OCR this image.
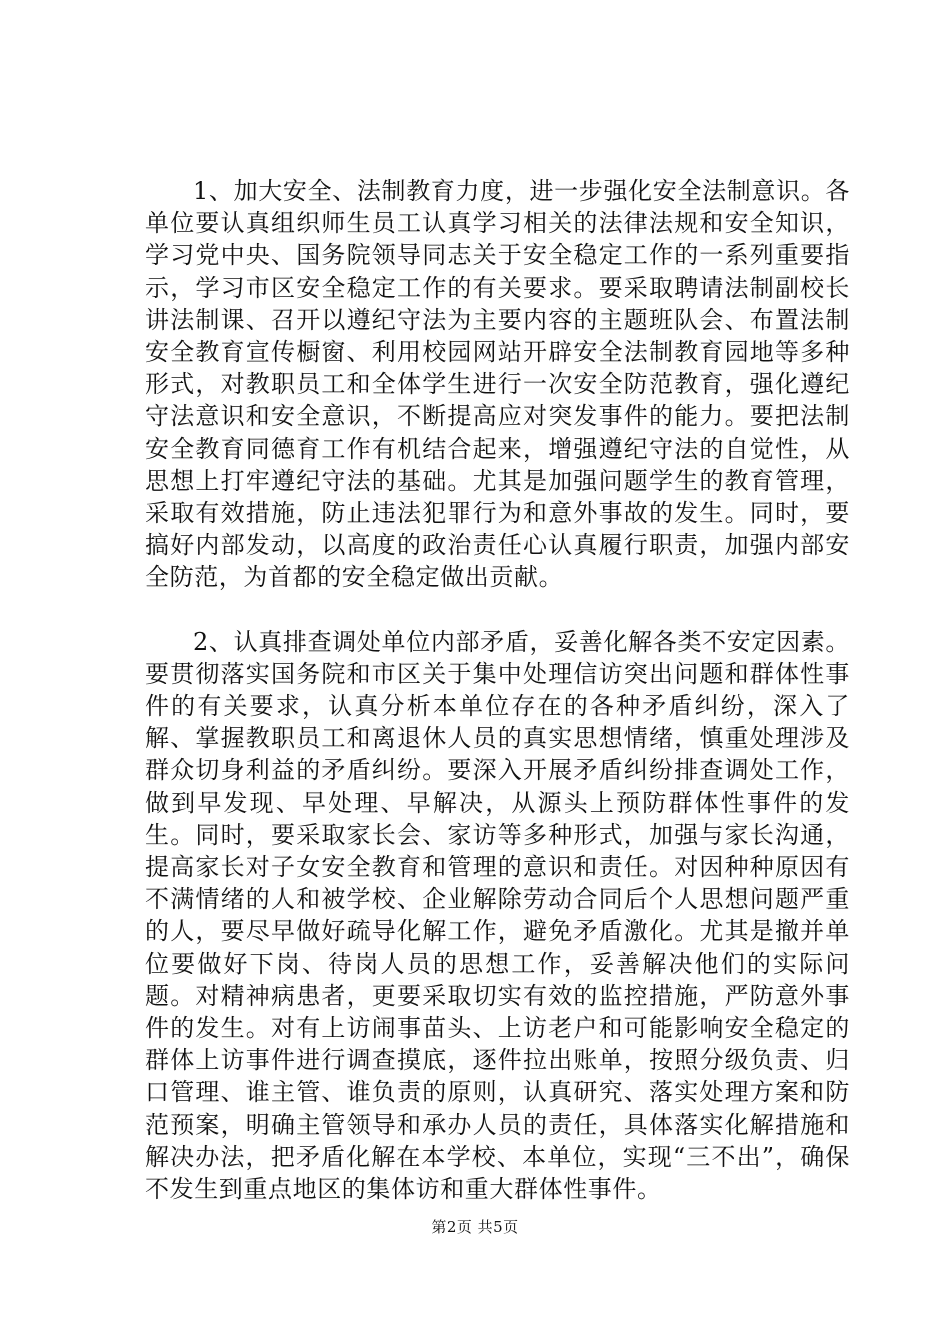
1、加大安全、法制教育力度，进一步强化安全法制意识。各单位要认真组织师生员工认真学习相关的法律法规和安全知识，学习党中央、国务院领导同志关于安全稳定工作的一系列重要指示，学习市区安全稳定工作的有关要求。要采取聘请法制副校长讲法制课、召开以遵纪守法为主要内容的主题班队会、布置法制安全教育宣传橱窗、利用校园网站开辟安全法制教育园地等多种形式，对教职员工和全体学生进行一次安全防范教育，强化遵纪守法意识和安全意识，不断提高应对突发事件的能力。要把法制安全教育同德育工作有机结合起来，增强遵纪守法的自觉性，从思想上打牢遵纪守法的基础。尤其是加强问题学生的教育管理，采取有效措施，防止违法犯罪行为和意外事故的发生。同时，要搞好内部发动，以高度的政治责任心认真履行职责，加强内部安全防范，为首都的安全稳定做出贡献。

2、认真排查调处单位内部矛盾，妥善化解各类不安定因素。要贯彻落实国务院和市区关于集中处理信访突出问题和群体性事件的有关要求，认真分析本单位存在的各种矛盾纠纷，深入了解、掌握教职员工和离退休人员的真实思想情绪，慎重处理涉及群众切身利益的矛盾纠纷。要深入开展矛盾纠纷排查调处工作，做到早发现、早处理、早解决，从源头上预防群体性事件的发生。同时，要采取家长会、家访等多种形式，加强与家长沟通，提高家长对子女安全教育和管理的意识和责任。对因种种原因有不满情绪的人和被学校、企业解除劳动合同后个人思想问题严重的人，要尽早做好疏导化解工作，避免矛盾激化。尤其是撤并单位要做好下岗、待岗人员的思想工作，妥善解决他们的实际问题。对精神病患者，更要采取切实有效的监控措施，严防意外事件的发生。对有上访闹事苗头、上访老户和可能影响安全稳定的群体上访事件进行调查摸底，逐件拉出账单，按照分级负责、归口管理、谁主管、谁负责的原则，认真研究、落实处理方案和防范预案，明确主管领导和承办人员的责任，具体落实化解措施和解决办法，把矛盾化解在本学校、本单位，实现“三不出”，确保不发生到重点地区的集体访和重大群体性事件。

第2页 共5页
